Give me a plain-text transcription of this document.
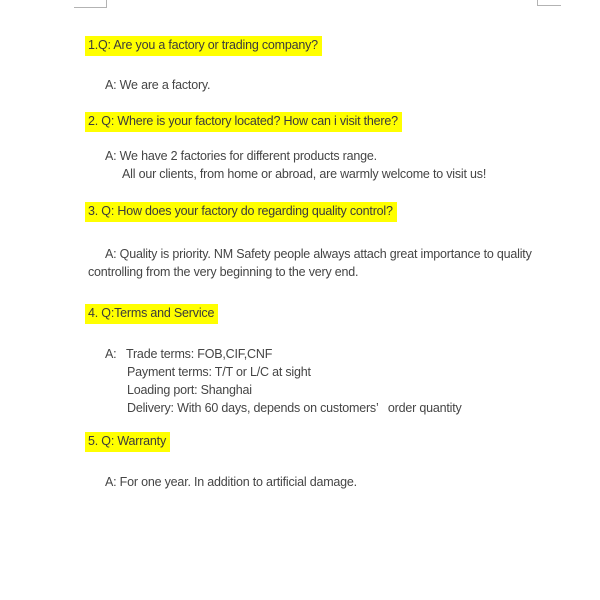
1.Q: Are you a factory or trading company?
A: We are a factory.
2. Q: Where is your factory located? How can i visit there?
A: We have 2 factories for different products range.
All our clients, from home or abroad, are warmly welcome to visit us!
3. Q: How does your factory do regarding quality control?
A: Quality is priority. NM Safety people always attach great importance to quality
controlling from the very beginning to the very end.
4. Q:Terms and Service
A:   Trade terms: FOB,CIF,CNF
Payment terms: T/T or L/C at sight
Loading port: Shanghai
Delivery: With 60 days, depends on customers’   order quantity
5. Q: Warranty
A: For one year. In addition to artificial damage.
